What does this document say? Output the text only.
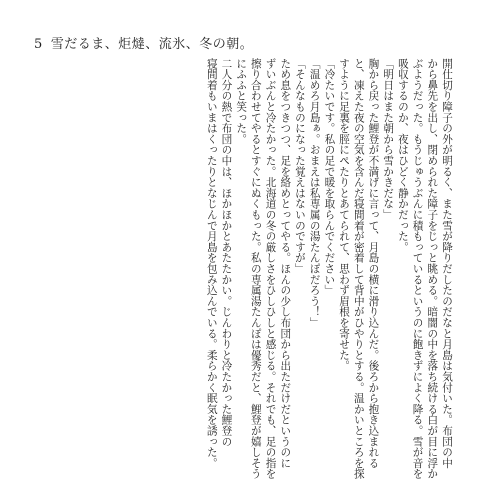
5 雪だるま、炬燵、流氷、冬の朝。

開仕切り障子の外が明るく、また雪が降りだしたのだなと月島は気付いた。布団の中

から鼻先を出し、閉められた障子をじっと眺める。暗闇の中を落ち続ける白が目に浮か

ぶようだった。もうじゅうぶんに積もっているというのに飽きずによく降る。雪が音を

吸収するのか、夜はひどく静かだった。

「明日はまた朝から雪かきだな」

胸から戻った鯉登が不満げに言って、月島の横に滑り込んだ。後ろから抱き込まれる

と、凍えた夜の空気を含んだ寝間着が密着して背中がひやりとする。温かいところを探

すように足裏を脛にぺたりとあてられて、思わず眉根を寄せた。

「冷たいです。私の足で暖を取らんでください」

「温めろ月島ぁ。おまえは私専属の湯たんぽだろう！」

「そんなものになった覚えはないのですが」

ため息をつきつつ、足を絡めとってやる。ほんの少し布団から出ただけだというのに

ずいぶんと冷たかった。北海道の冬の厳しさをひしひしと感じる。それでも、足の指を

擦り合わせてやるとすぐにぬくもった。私の専属湯たんぽは優秀だと、鯉登が嬉しそう

にふふと笑った。

二人分の熱で布団の中は、ほかほかとあたたかい。じんわりと冷たかった鯉登の

寝間着もいまはくったりとなじんで月島を包み込んでいる。柔らかく眠気を誘った。
